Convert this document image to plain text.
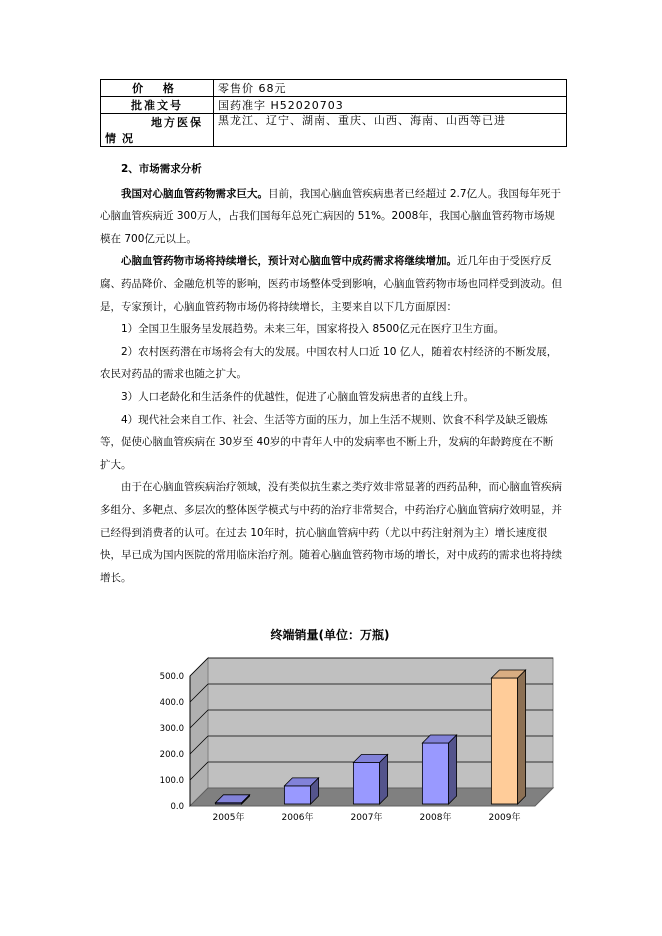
价 格	零售价 68元
批准文号	国药准字 H52020703

地方医保
情况	黑龙江、辽宁、湖南、重庆、山西、海南、山西等已进

2、市场需求分析

我国对心脑血管药物需求巨大。目前，我国心脑血管疾病患者已经超过 2.7亿人。我国每年死于心脑血管疾病近 300万人，占我们国每年总死亡病因的 51%。2008年，我国心脑血管药物市场规模在 700亿元以上。

心脑血管药物市场将持续增长，预计对心脑血管中成药需求将继续增加。近几年由于受医疗反腐、药品降价、金融危机等的影响，医药市场整体受到影响，心脑血管药物市场也同样受到波动。但是，专家预计，心脑血管药物市场仍将持续增长，主要来自以下几方面原因：

1）全国卫生服务呈发展趋势。未来三年，国家将投入 8500亿元在医疗卫生方面。

2）农村医药潜在市场将会有大的发展。中国农村人口近 10 亿人，随着农村经济的不断发展，农民对药品的需求也随之扩大。

3）人口老龄化和生活条件的优越性，促进了心脑血管发病患者的直线上升。

4）现代社会来自工作、社会、生活等方面的压力，加上生活不规则、饮食不科学及缺乏锻炼等，促使心脑血管疾病在 30岁至 40岁的中青年人中的发病率也不断上升，发病的年龄跨度在不断扩大。

由于在心脑血管疾病治疗领域，没有类似抗生素之类疗效非常显著的西药品种，而心脑血管疾病多组分、多靶点、多层次的整体医学模式与中药的治疗非常契合，中药治疗心脑血管病疗效明显，并已经得到消费者的认可。在过去 10年时，抗心脑血管病中药（尤以中药注射剂为主）增长速度很快，早已成为国内医院的常用临床治疗剂。随着心脑血管药物市场的增长，对中成药的需求也将持续增长。

终端销量(单位：万瓶)
0.0
100.0
200.0
300.0
400.0
500.0
2005年	2006年	2007年	2008年	2009年
